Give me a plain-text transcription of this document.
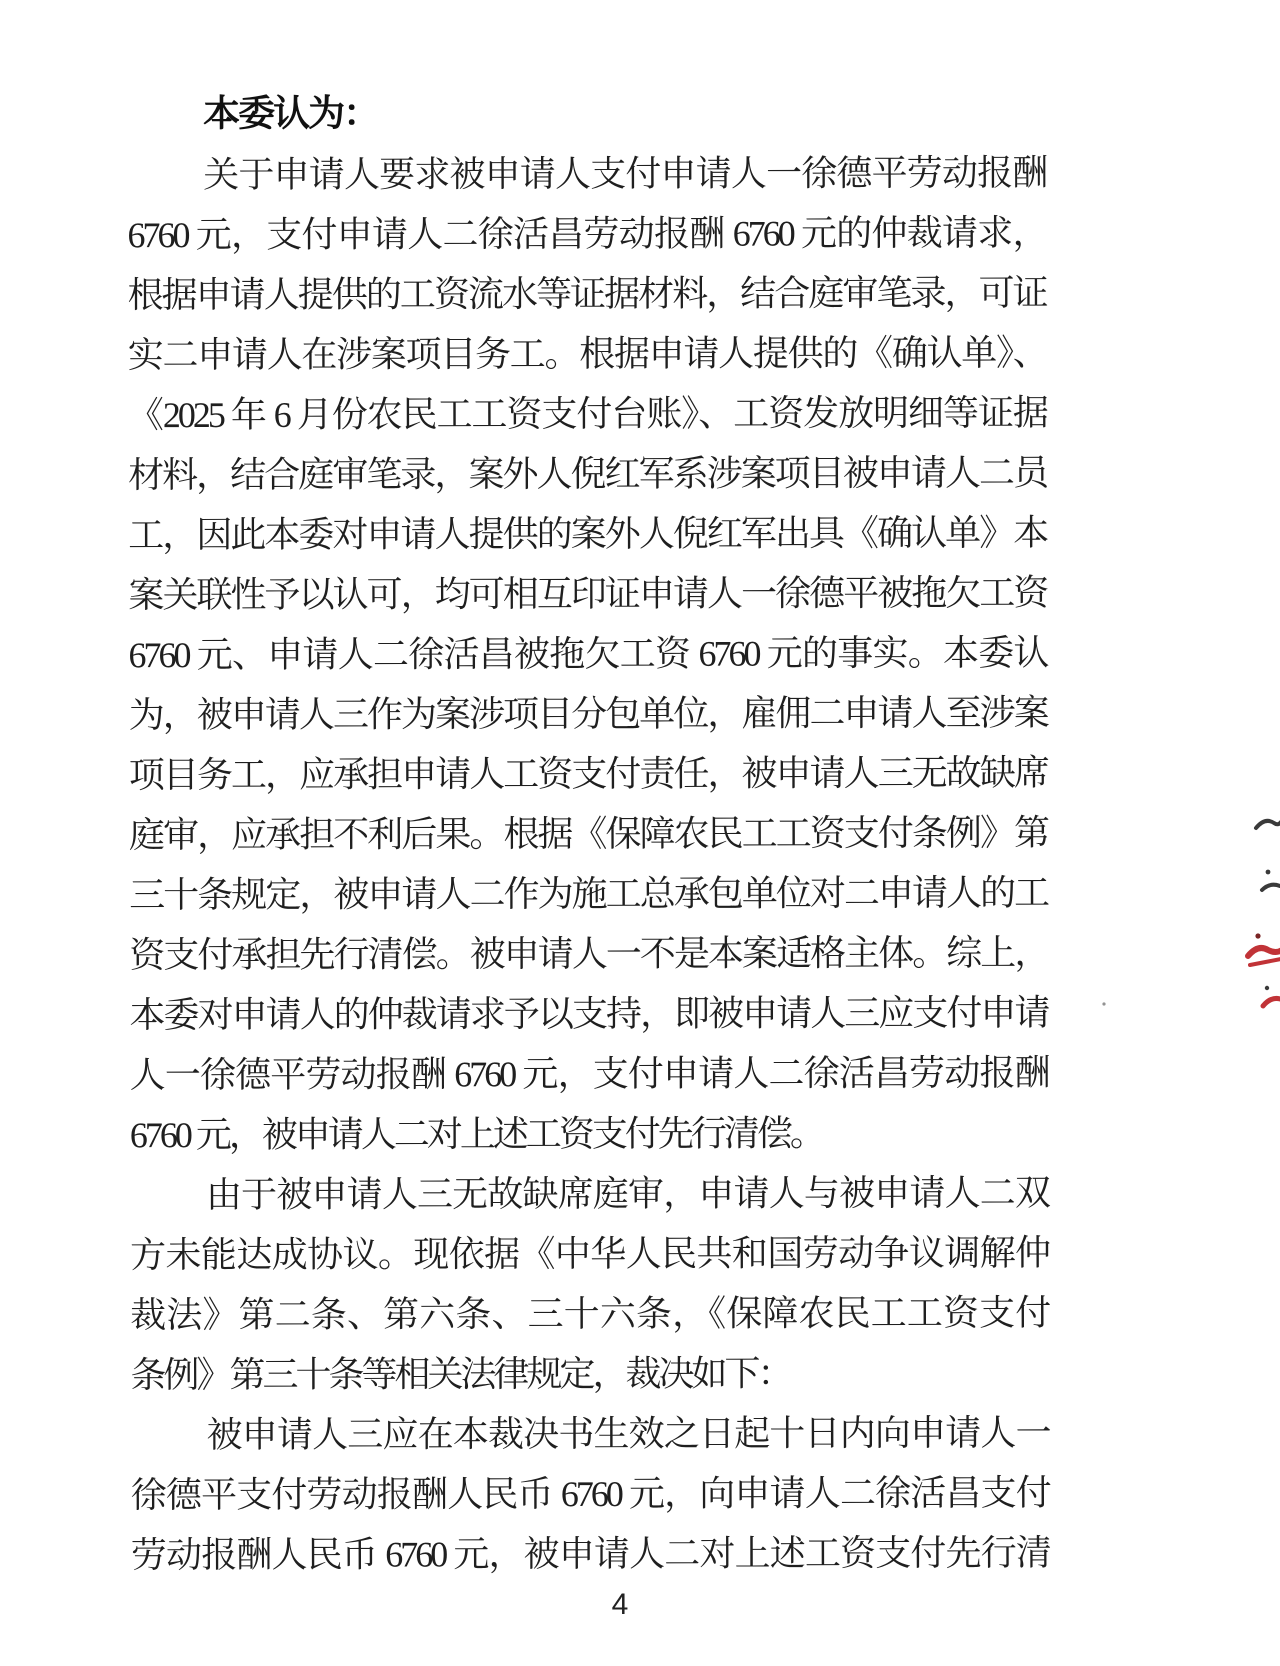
本委认为：
关于申请人要求被申请人支付申请人一徐德平劳动报酬
6760 元，支付申请人二徐活昌劳动报酬 6760 元的仲裁请求，
根据申请人提供的工资流水等证据材料，结合庭审笔录，可证
实二申请人在涉案项目务工。根据申请人提供的《确认单》、
《2025 年 6 月份农民工工资支付台账》、工资发放明细等证据
材料，结合庭审笔录，案外人倪红军系涉案项目被申请人二员
工，因此本委对申请人提供的案外人倪红军出具《确认单》本
案关联性予以认可，均可相互印证申请人一徐德平被拖欠工资
6760 元、申请人二徐活昌被拖欠工资 6760 元的事实。本委认
为，被申请人三作为案涉项目分包单位，雇佣二申请人至涉案
项目务工，应承担申请人工资支付责任，被申请人三无故缺席
庭审，应承担不利后果。根据《保障农民工工资支付条例》第
三十条规定，被申请人二作为施工总承包单位对二申请人的工
资支付承担先行清偿。被申请人一不是本案适格主体。综上，
本委对申请人的仲裁请求予以支持，即被申请人三应支付申请
人一徐德平劳动报酬 6760 元，支付申请人二徐活昌劳动报酬
6760 元，被申请人二对上述工资支付先行清偿。
由于被申请人三无故缺席庭审，申请人与被申请人二双
方未能达成协议。现依据《中华人民共和国劳动争议调解仲
裁法》第二条、第六条、三十六条，《保障农民工工资支付
条例》第三十条等相关法律规定，裁决如下：
被申请人三应在本裁决书生效之日起十日内向申请人一
徐德平支付劳动报酬人民币 6760 元，向申请人二徐活昌支付
劳动报酬人民币 6760 元，被申请人二对上述工资支付先行清
4
